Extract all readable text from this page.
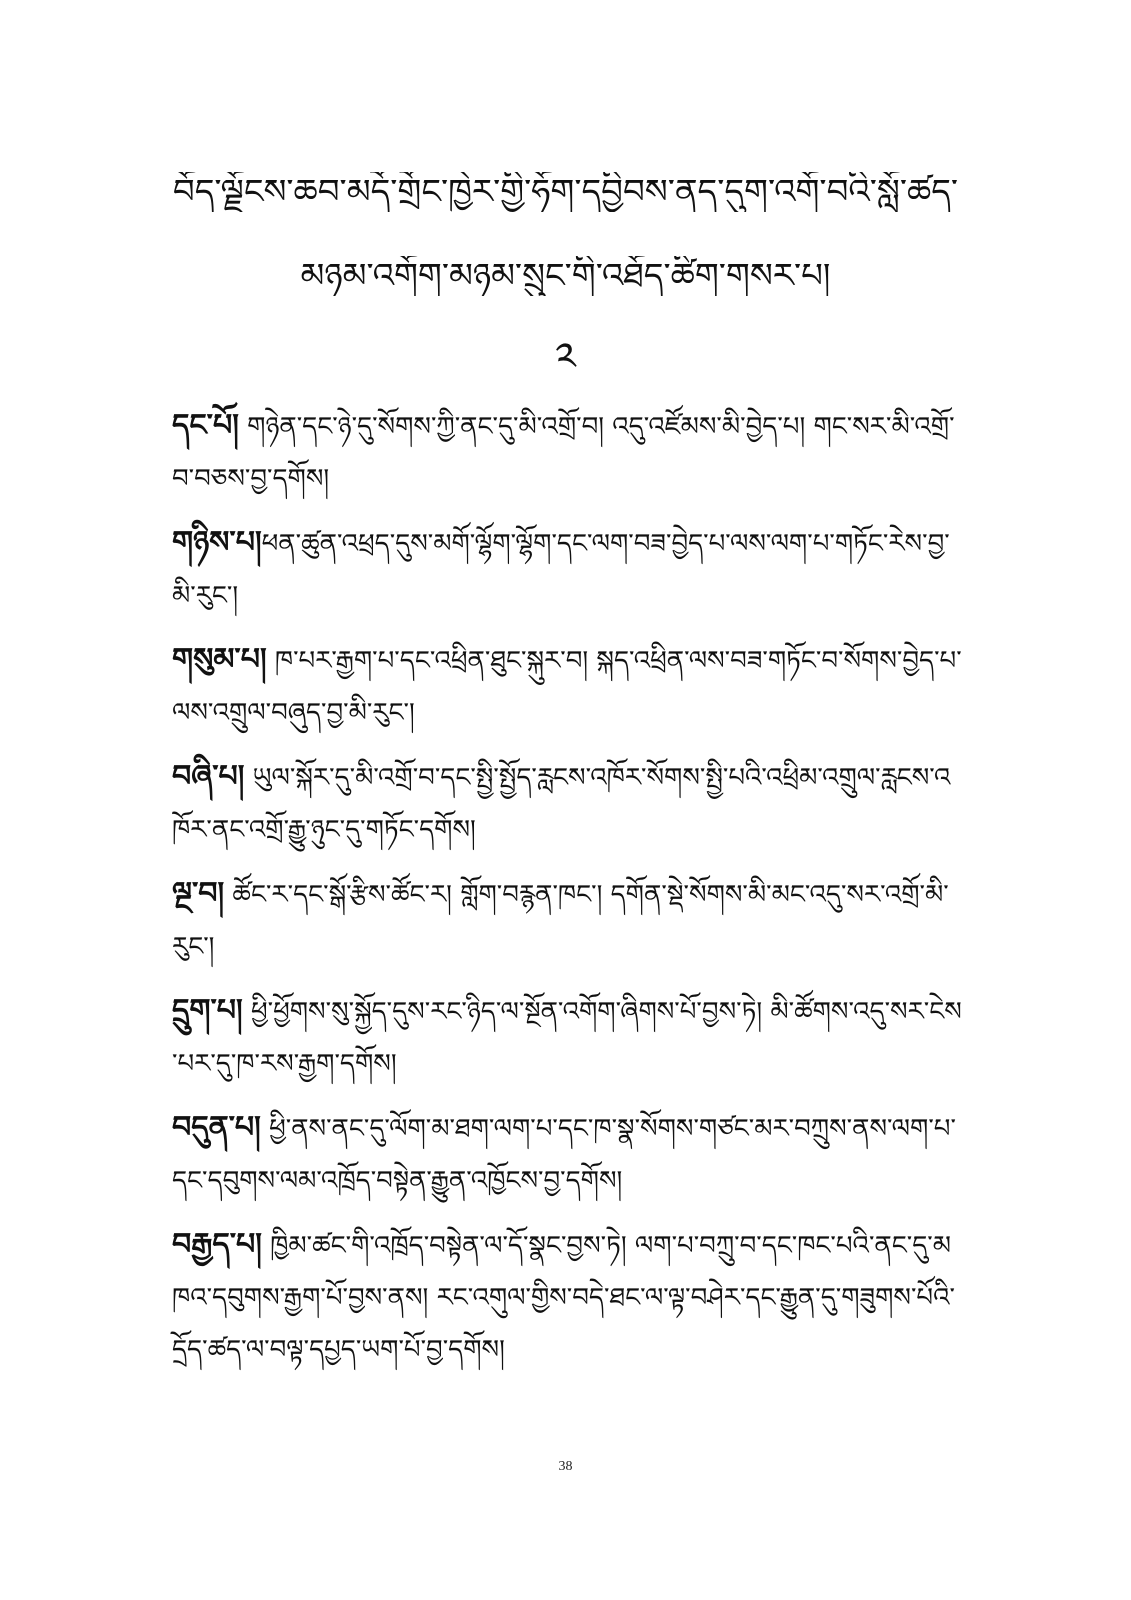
བོད་ལྗོངས་ཆབ་མདོ་གྲོང་ཁྱེར་གྱི་ཧོག་དབྱིབས་ནད་དུག་འགོ་བའི་སློ་ཚད་
མཉམ་འགོག་མཉམ་སྲུང་གི་འཐོད་ཚིག་གསར་པ།
༢

དང་པོ། གཉེན་དང་ཉེ་དུ་སོགས་ཀྱི་ནང་དུ་མི་འགྲོ་བ། འདུ་འཛོམས་མི་བྱེད་པ། གང་སར་མི་འགྲོ་བ་བཅས་བྱ་དགོས།

གཉིས་པ།ཕན་ཚུན་འཕྲད་དུས་མགོ་ལྷོག་ལྷོག་དང་ལག་བཟ་བྱེད་པ་ལས་ལག་པ་གཏོང་རེས་བྱ་མི་རུང་།

གསུམ་པ། ཁ་པར་རྒྱག་པ་དང་འཕྲིན་ཐུང་སྐུར་བ། སྐད་འཕྲིན་ལས་བཟ་གཏོང་བ་སོགས་བྱེད་པ་ལས་འགྲུལ་བཞུད་བྱ་མི་རུང་།

བཞི་པ། ཡུལ་སྐོར་དུ་མི་འགྲོ་བ་དང་སྤྱི་སྤྱོད་རླངས་འཁོར་སོགས་སྤྱི་པའི་འཕྲིམ་འགྲུལ་རླངས་འཁོར་ནང་འགྲོ་རྒྱུ་ཉུང་དུ་གཏོང་དགོས།

ལྔ་བ། ཚོང་ར་དང་སྒོ་རྩིས་ཚོང་ར། གློག་བརྙན་ཁང་། དགོན་སྡེ་སོགས་མི་མང་འདུ་སར་འགྲོ་མི་རུང་།

དྲུག་པ། ཕྱི་ཕྱོགས་སུ་སྐྱོད་དུས་རང་ཉིད་ལ་སྔོན་འགོག་ཞིགས་པོ་བྱས་ཏེ། མི་ཚོགས་འདུ་སར་ངེས་པར་དུ་ཁ་རས་རྒྱག་དགོས།

བདུན་པ། ཕྱི་ནས་ནང་དུ་ལོག་མ་ཐག་ལག་པ་དང་ཁ་སྣ་སོགས་གཙང་མར་བཀྲུས་ནས་ལག་པ་དང་དབུགས་ལམ་འཁྲོད་བསྟེན་རྒྱུན་འཁྱོངས་བྱ་དགོས།

བརྒྱད་པ། ཁྱིམ་ཚང་གི་འཁྲོད་བསྟེན་ལ་དོ་སྣང་བྱས་ཏེ། ལག་པ་བཀྲུ་བ་དང་ཁང་པའི་ནང་དུ་མཁའ་དབུགས་རྒྱག་པོ་བྱས་ནས། རང་འགུལ་གྱིས་བདེ་ཐང་ལ་ལྟ་བཤེར་དང་རྒྱུན་དུ་གཟུགས་པོའི་དྲོད་ཚད་ལ་བལྟ་དཔྱད་ཡག་པོ་བྱ་དགོས།

38
